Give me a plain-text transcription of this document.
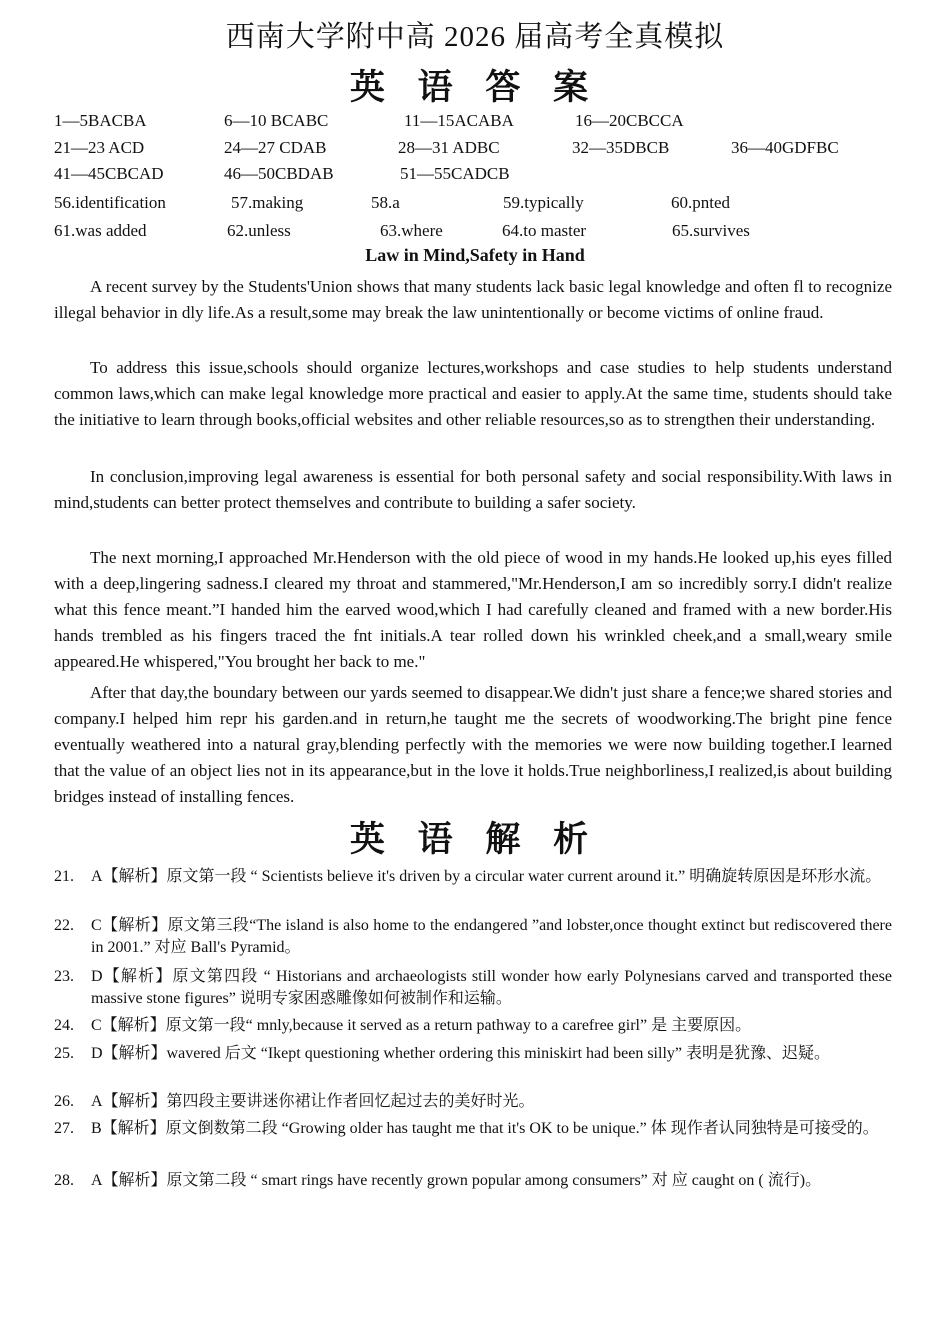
西南大学附中高 2026 届高考全真模拟
英 语 答 案
1—5BACBA	6—10 BCABC	11—15ACABA	16—20CBCCA
21—23 ACD	24—27 CDAB	28—31 ADBC	32—35DBCB	36—40GDFBC
41—45CBCAD	46—50CBDAB	51—55CADCB
56.identification	57.making	58.a	59.typically	60.pnted
61.was added	62.unless	63.where	64.to master	65.survives
Law in Mind,Safety in Hand

A recent survey by the Students'Union shows that many students lack basic legal knowledge and often fl to recognize illegal behavior in dly life.As a result,some may break the law unintentionally or become victims of online fraud.

To address this issue,schools should organize lectures,workshops and case studies to help students understand common laws,which can make legal knowledge more practical and easier to apply.At the same time, students should take the initiative to learn through books,official websites and other reliable resources,so as to strengthen their understanding.

In conclusion,improving legal awareness is essential for both personal safety and social responsibility.With laws in mind,students can better protect themselves and contribute to building a safer society.

The next morning,I approached Mr.Henderson with the old piece of wood in my hands.He looked up,his eyes filled with a deep,lingering sadness.I cleared my throat and stammered,"Mr.Henderson,I am so incredibly sorry.I didn't realize what this fence meant.”I handed him the earved wood,which I had carefully cleaned and framed with a new border.His hands trembled as his fingers traced the fnt initials.A tear rolled down his wrinkled cheek,and a small,weary smile appeared.He whispered,"You brought her back to me."

After that day,the boundary between our yards seemed to disappear.We didn't just share a fence;we shared stories and company.I helped him repr his garden.and in return,he taught me the secrets of woodworking.The bright pine fence eventually weathered into a natural gray,blending perfectly with the memories we were now building together.I learned that the value of an object lies not in its appearance,but in the love it holds.True neighborliness,I realized,is about building bridges instead of installing fences.

英 语 解 析
21. A【解析】原文第一段 “ Scientists believe it's driven by a circular water current around it.” 明确旋转原因是环形水流。
22. C【解析】原文第三段“The island is also home to the endangered ”and lobster,once thought extinct but rediscovered there in 2001.” 对应 Ball's Pyramid。
23. D【解析】原文第四段 “ Historians and archaeologists still wonder how early Polynesians carved and transported these massive stone figures” 说明专家困惑雕像如何被制作和运输。
24. C【解析】原文第一段“ mnly,because it served as a return pathway to a carefree girl” 是 主要原因。
25. D【解析】wavered 后文 “Ikept questioning whether ordering this miniskirt had been silly” 表明是犹豫、迟疑。
26. A【解析】第四段主要讲迷你裙让作者回忆起过去的美好时光。
27. B【解析】原文倒数第二段 “Growing older has taught me that it's OK to be unique.” 体 现作者认同独特是可接受的。
28. A【解析】原文第二段 “ smart rings have recently grown popular among consumers” 对 应 caught on ( 流行)。
